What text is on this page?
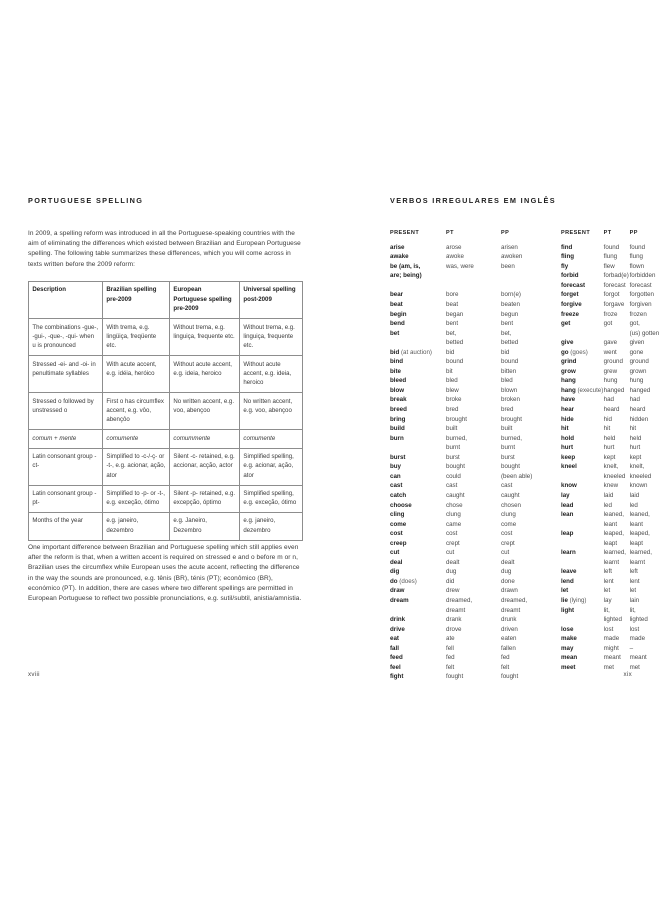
PORTUGUESE SPELLING
In 2009, a spelling reform was introduced in all the Portuguese-speaking countries with the aim of eliminating the differences which existed between Brazilian and European Portuguese spelling. The following table summarizes these differences, which you will come across in texts written before the 2009 reform:
Description	Brazilian spelling pre-2009	European Portuguese spelling pre-2009	Universal spelling post-2009
The combinations -gue-, -gui-, -que-, -qui- when u is pronounced	With trema, e.g. lingüiça, freqüente etc.	Without trema, e.g. linguiça, frequente etc.	Without trema, e.g. linguiça, frequente etc.
Stressed -ei- and -oi- in penultimate syllables	With acute accent, e.g. idéia, heróico	Without acute accent, e.g. ideia, heroico	Without acute accent, e.g. ideia, heroico
Stressed o followed by unstressed o	First o has circumflex accent, e.g. vôo, abençôo	No written accent, e.g. voo, abençoo	No written accent, e.g. voo, abençoo
comum + mente	comumente	comummente	comumente
Latin consonant group -ct-	Simplified to -c-/-ç- or -t-, e.g. acionar, ação, ator	Silent -c- retained, e.g. accionar, acção, actor	Simplified spelling, e.g. acionar, ação, ator
Latin consonant group -pt-	Simplified to -p- or -t-, e.g. exceção, ótimo	Silent -p- retained, e.g. excepção, óptimo	Simplified spelling, e.g. exceção, ótimo
Months of the year	e.g. janeiro, dezembro	e.g. Janeiro, Dezembro	e.g. janeiro, dezembro
One important difference between Brazilian and Portuguese spelling which still applies even after the reform is that, when a written accent is required on stressed e and o before m or n, Brazilian uses the circumflex while European uses the acute accent, reflecting the difference in the way the sounds are pronounced, e.g. tênis (BR), ténis (PT); econômico (BR), económico (PT). In addition, there are cases where two different spellings are permitted in European Portuguese to reflect two possible pronunciations, e.g. sutil/subtil, anistia/amnistia.
xviii
VERBOS IRREGULARES EM INGLÊS
PRESENT	PT	PP
arise	arose	arisen
awake	awoke	awoken
be (am, is,	was, were	been
are; being)		

bear	bore	born(e)
beat	beat	beaten
begin	began	begun
bend	bent	bent
bet	bet,	bet,
	betted	betted
bid (at auction)	bid	bid
bind	bound	bound
bite	bit	bitten
bleed	bled	bled
blow	blew	blown
break	broke	broken
breed	bred	bred
bring	brought	brought
build	built	built
burn	burned,	burned,
	burnt	burnt
burst	burst	burst
buy	bought	bought
can	could	(been able)
cast	cast	cast
catch	caught	caught
choose	chose	chosen
cling	clung	clung
come	came	come
cost	cost	cost
creep	crept	crept
cut	cut	cut
deal	dealt	dealt
dig	dug	dug
do (does)	did	done
draw	drew	drawn
dream	dreamed,	dreamed,
	dreamt	dreamt
drink	drank	drunk
drive	drove	driven
eat	ate	eaten
fall	fell	fallen
feed	fed	fed
feel	felt	felt
fight	fought	fought
PRESENT	PT	PP
find	found	found
fling	flung	flung
fly	flew	flown
forbid	forbad(e)	forbidden
forecast	forecast	forecast
forget	forgot	forgotten
forgive	forgave	forgiven
freeze	froze	frozen
get	got	got,
		(us) gotten
give	gave	given
go (goes)	went	gone
grind	ground	ground
grow	grew	grown
hang	hung	hung
hang (execute)	hanged	hanged
have	had	had
hear	heard	heard
hide	hid	hidden
hit	hit	hit
hold	held	held
hurt	hurt	hurt
keep	kept	kept
kneel	knelt,	knelt,
	kneeled	kneeled
know	knew	known
lay	laid	laid
lead	led	led
lean	leaned,	leaned,
	leant	leant
leap	leaped,	leaped,
	leapt	leapt
learn	learned,	learned,
	learnt	learnt
leave	left	left
lend	lent	lent
let	let	let
lie (lying)	lay	lain
light	lit,	lit,
	lighted	lighted
lose	lost	lost
make	made	made
may	might	–
mean	meant	meant
meet	met	met
xix
